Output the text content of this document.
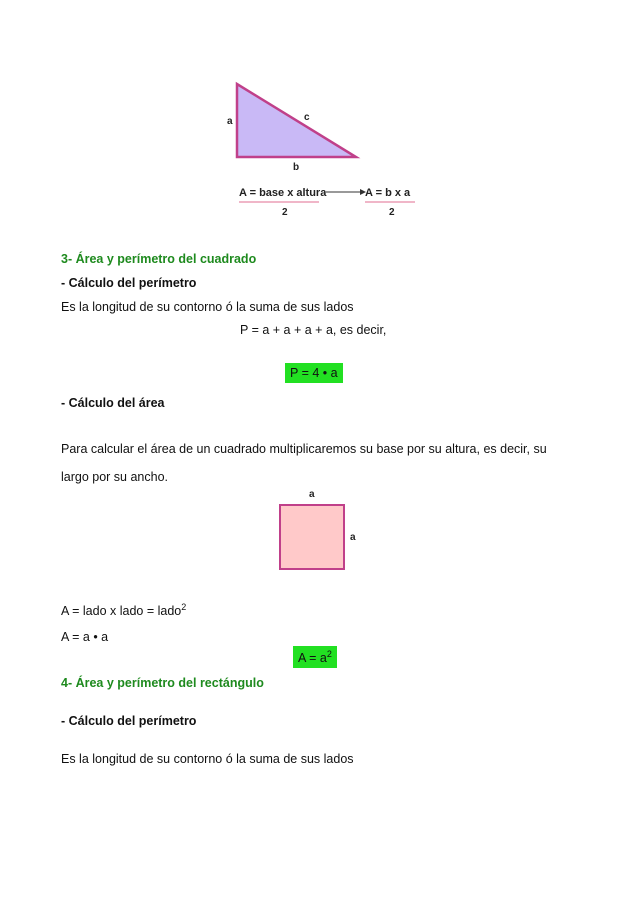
a	c
b
A = base x altura
2
A = b x a
2
3- Área y perímetro del cuadrado
- Cálculo del perímetro
Es la longitud de su contorno ó la suma de sus lados
P = a + a + a + a, es decir,
P = 4 • a
- Cálculo del área
Para calcular el área de un cuadrado multiplicaremos su base por su altura, es decir, su
largo por su ancho.
a
a
A = lado x lado = lado$^2$
A = a • a
$A = a^2$
4- Área y perímetro del rectángulo
- Cálculo del perímetro
Es la longitud de su contorno ó la suma de sus lados
